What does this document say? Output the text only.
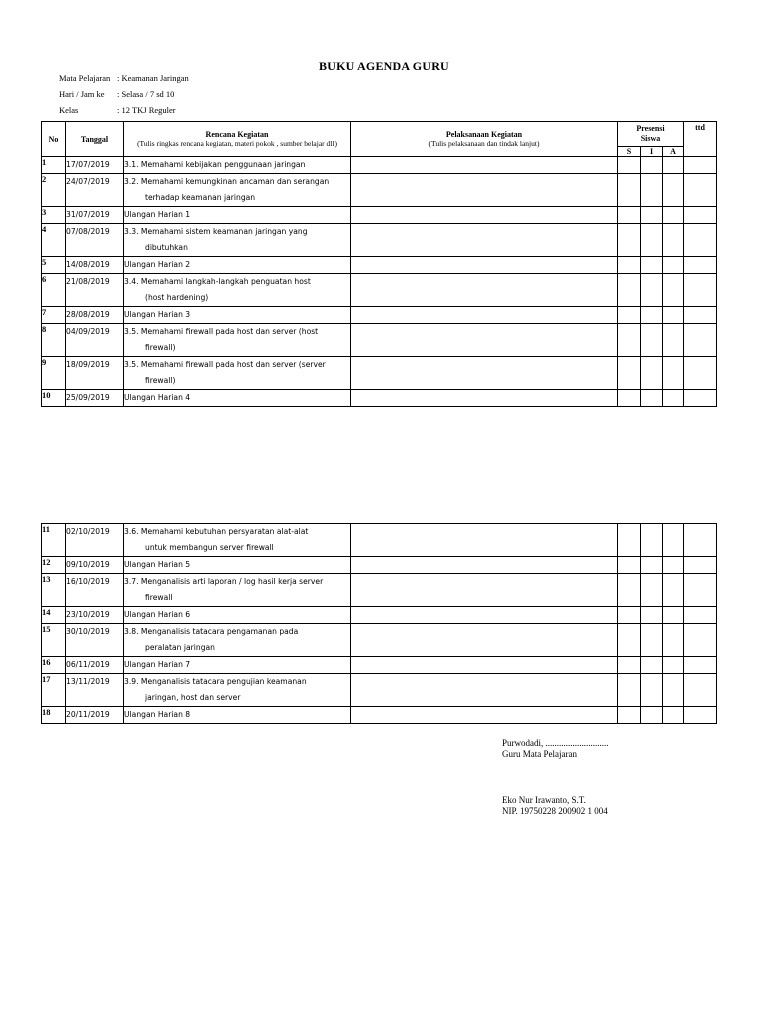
BUKU AGENDA GURU
Mata Pelajaran : Keamanan Jaringan
Hari / Jam ke : Selasa / 7 sd 10
Kelas	: 12 TKJ Reguler
No	Tanggal	Rencana Kegiatan
(Tulis ringkas rencana kegiatan, materi pokok , sumber belajar dll)	Pelaksanaan Kegiatan
(Tulis pelaksanaan dan tindak lanjut)	Presensi Siswa			ttd
				S	I	A	
1	17/07/2019	3.1. Memahami kebijakan penggunaan jaringan					

2	24/07/2019	3.2. Memahami kemungkinan ancaman dan serangan
terhadap keamanan jaringan					

3	31/07/2019	Ulangan Harian 1					

4	07/08/2019	3.3. Memahami sistem keamanan jaringan yang
dibutuhkan					

5	14/08/2019	Ulangan Harian 2					

6	21/08/2019	3.4. Memahami langkah-langkah penguatan host
(host hardening)					

7	28/08/2019	Ulangan Harian 3					

8	04/09/2019	3.5. Memahami firewall pada host dan server (host
firewall)					

9	18/09/2019	3.5. Memahami firewall pada host dan server (server
firewall)					

10	25/09/2019	Ulangan Harian 4					

11	02/10/2019	3.6. Memahami kebutuhan persyaratan alat-alat
untuk membangun server firewall					

12	09/10/2019	Ulangan Harian 5					

13	16/10/2019	3.7. Menganalisis arti laporan / log hasil kerja server
firewall					

14	23/10/2019	Ulangan Harian 6					

15	30/10/2019	3.8. Menganalisis tatacara pengamanan pada
peralatan jaringan					

16	06/11/2019	Ulangan Harian 7					

17	13/11/2019	3.9. Menganalisis tatacara pengujian keamanan
jaringan, host dan server					

18	20/11/2019	Ulangan Harian 8					

Purwodadi, ............................
Guru Mata Pelajaran
Eko Nur Irawanto, S.T.
NIP. 19750228 200902 1 004
